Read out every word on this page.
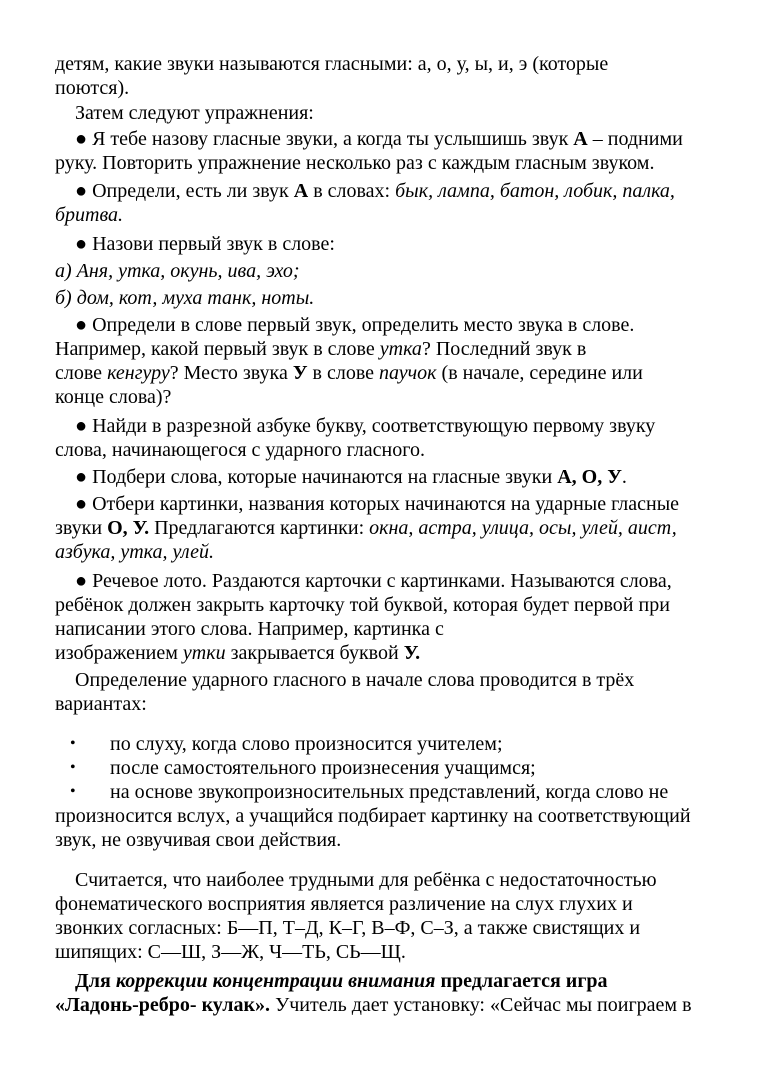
детям, какие звуки называются гласными: а, о, у, ы, и, э (которые
поются).
Затем следуют упражнения:
● Я тебе назову гласные звуки, а когда ты услышишь звук А – подними
руку. Повторить упражнение несколько раз с каждым гласным звуком.
● Определи, есть ли звук А в словах: бык, лампа, батон, лобик, палка,
бритва.
● Назови первый звук в слове:
а) Аня, утка, окунь, ива, эхо;
б) дом, кот, муха танк, ноты.
● Определи в слове первый звук, определить место звука в слове.
Например, какой первый звук в слове утка? Последний звук в
слове кенгуру? Место звука У в слове паучок (в начале, середине или
конце слова)?
● Найди в разрезной азбуке букву, соответствующую первому звуку
слова, начинающегося с ударного гласного.
● Подбери слова, которые начинаются на гласные звуки А, О, У.
● Отбери картинки, названия которых начинаются на ударные гласные
звуки О, У. Предлагаются картинки: окна, астра, улица, осы, улей, аист,
азбука, утка, улей.
● Речевое лото. Раздаются карточки с картинками. Называются слова,
ребёнок должен закрыть карточку той буквой, которая будет первой при
написании этого слова. Например, картинка с
изображением утки закрывается буквой У.
Определение ударного гласного в начале слова проводится в трёх
вариантах:
• по слуху, когда слово произносится учителем;
• после самостоятельного произнесения учащимся;
• на основе звукопроизносительных представлений, когда слово не
произносится вслух, а учащийся подбирает картинку на соответствующий
звук, не озвучивая свои действия.
Считается, что наиболее трудными для ребёнка с недостаточностью
фонематического восприятия является различение на слух глухих и
звонких согласных: Б—П, Т–Д, К–Г, В–Ф, С–З, а также свистящих и
шипящих: С—Ш, З—Ж, Ч—ТЬ, СЬ—Щ.
Для коррекции концентрации внимания предлагается игра
«Ладонь-ребро- кулак». Учитель дает установку: «Сейчас мы поиграем в
